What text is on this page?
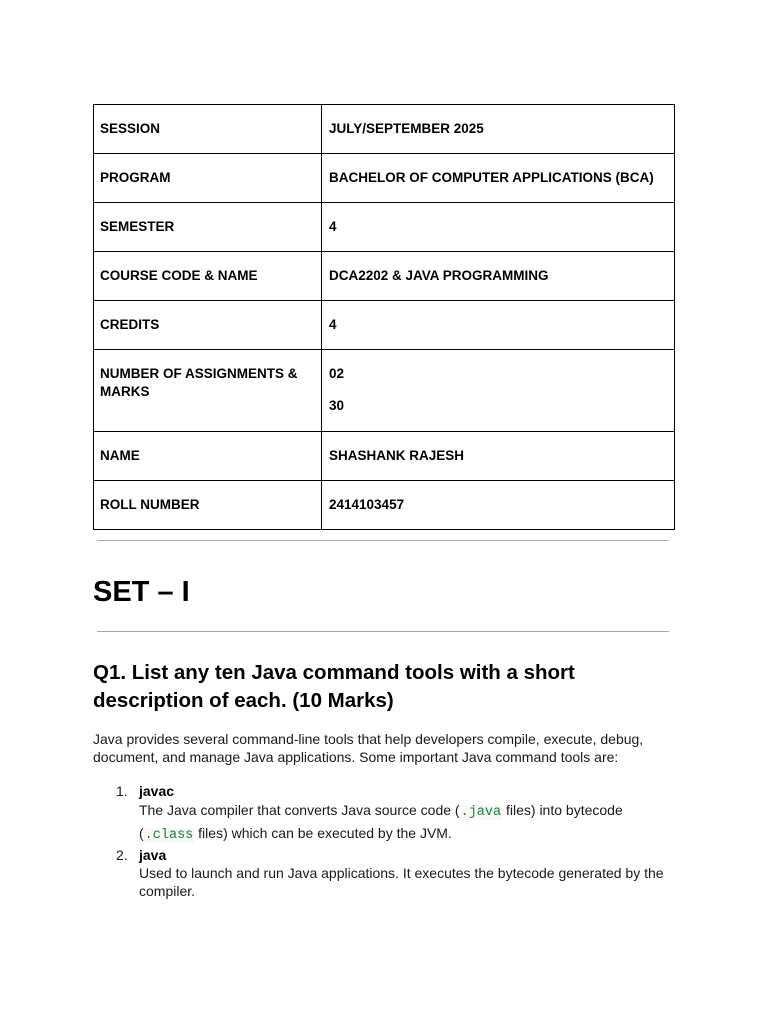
SESSION	JULY/SEPTEMBER 2025

PROGRAM	BACHELOR OF COMPUTER APPLICATIONS (BCA)

SEMESTER	4

COURSE CODE & NAME	DCA2202 & JAVA PROGRAMMING

CREDITS	4

NUMBER OF ASSIGNMENTS & MARKS	02
30

NAME	SHASHANK RAJESH

ROLL NUMBER	2414103457
SET – I
Q1. List any ten Java command tools with a short description of each. (10 Marks)

Java provides several command-line tools that help developers compile, execute, debug, document, and manage Java applications. Some important Java command tools are:

1. javac
The Java compiler that converts Java source code (.java files) into bytecode (.class files) which can be executed by the JVM.
2. java
Used to launch and run Java applications. It executes the bytecode generated by the compiler.
